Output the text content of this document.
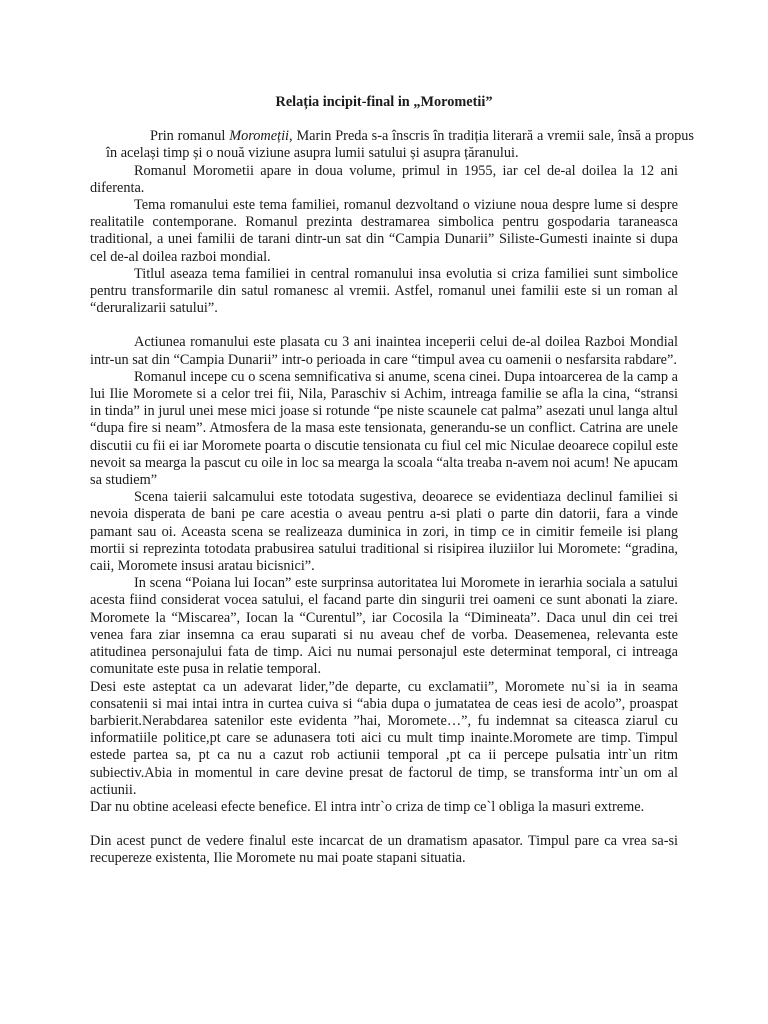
Relația incipit-final in „Morometii”

Prin romanul Moromeții, Marin Preda s-a înscris în tradiția literară a vremii sale, însă a propus în același timp și o nouă viziune asupra lumii satului și asupra țăranului.

Romanul Morometii apare in doua volume, primul in 1955, iar cel de-al doilea la 12 ani diferenta.

Tema romanului este tema familiei, romanul dezvoltand o viziune noua despre lume si despre realitatile contemporane. Romanul prezinta destramarea simbolica pentru gospodaria taraneasca traditional, a unei familii de tarani dintr-un sat din “Campia Dunarii” Siliste-Gumesti inainte si dupa cel de-al doilea razboi mondial.

Titlul aseaza tema familiei in central romanului insa evolutia si criza familiei sunt simbolice pentru transformarile din satul romanesc al vremii. Astfel, romanul unei familii este si un roman al “deruralizarii satului”.

Actiunea romanului este plasata cu 3 ani inaintea inceperii celui de-al doilea Razboi Mondial intr-un sat din “Campia Dunarii” intr-o perioada in care “timpul avea cu oamenii o nesfarsita rabdare”.

Romanul incepe cu o scena semnificativa si anume, scena cinei. Dupa intoarcerea de la camp a lui Ilie Moromete si a celor trei fii, Nila, Paraschiv si Achim, intreaga familie se afla la cina, “stransi in tinda” in jurul unei mese mici joase si rotunde “pe niste scaunele cat palma” asezati unul langa altul “dupa fire si neam”. Atmosfera de la masa este tensionata, generandu-se un conflict. Catrina are unele discutii cu fii ei iar Moromete poarta o discutie tensionata cu fiul cel mic Niculae deoarece copilul este nevoit sa mearga la pascut cu oile in loc sa mearga la scoala “alta treaba n-avem noi acum! Ne apucam sa studiem”

Scena taierii salcamului este totodata sugestiva, deoarece se evidentiaza declinul familiei si nevoia disperata de bani pe care acestia o aveau pentru a-si plati o parte din datorii, fara a vinde pamant sau oi. Aceasta scena se realizeaza duminica in zori, in timp ce in cimitir femeile isi plang mortii si reprezinta totodata prabusirea satului traditional si risipirea iluziilor lui Moromete: “gradina, caii, Moromete insusi aratau bicisnici”.

In scena “Poiana lui Iocan” este surprinsa autoritatea lui Moromete in ierarhia sociala a satului acesta fiind considerat vocea satului, el facand parte din singurii trei oameni ce sunt abonati la ziare. Moromete la “Miscarea”, Iocan la “Curentul”, iar Cocosila la “Dimineata”. Daca unul din cei trei venea fara ziar insemna ca erau suparati si nu aveau chef de vorba. Deasemenea, relevanta este atitudinea personajului fata de timp. Aici nu numai personajul este determinat temporal, ci intreaga comunitate este pusa in relatie temporal.

Desi este asteptat ca un adevarat lider,”de departe, cu exclamatii”, Moromete nu`si ia in seama consatenii si mai intai intra in curtea cuiva si “abia dupa o jumatatea de ceas iesi de acolo”, proaspat barbierit.Nerabdarea satenilor este evidenta ”hai, Moromete…”, fu indemnat sa citeasca ziarul cu informatiile politice,pt care se adunasera toti aici cu mult timp inainte.Moromete are timp. Timpul estede partea sa, pt ca nu a cazut rob actiunii temporal ,pt ca ii percepe pulsatia intr`un ritm subiectiv.Abia in momentul in care devine presat de factorul de timp, se transforma intr`un om al actiunii.

Dar nu obtine aceleasi efecte benefice. El intra intr`o criza de timp ce`l obliga la masuri extreme.

Din acest punct de vedere finalul este incarcat de un dramatism apasator. Timpul pare ca vrea sa-si recupereze existenta, Ilie Moromete nu mai poate stapani situatia.
